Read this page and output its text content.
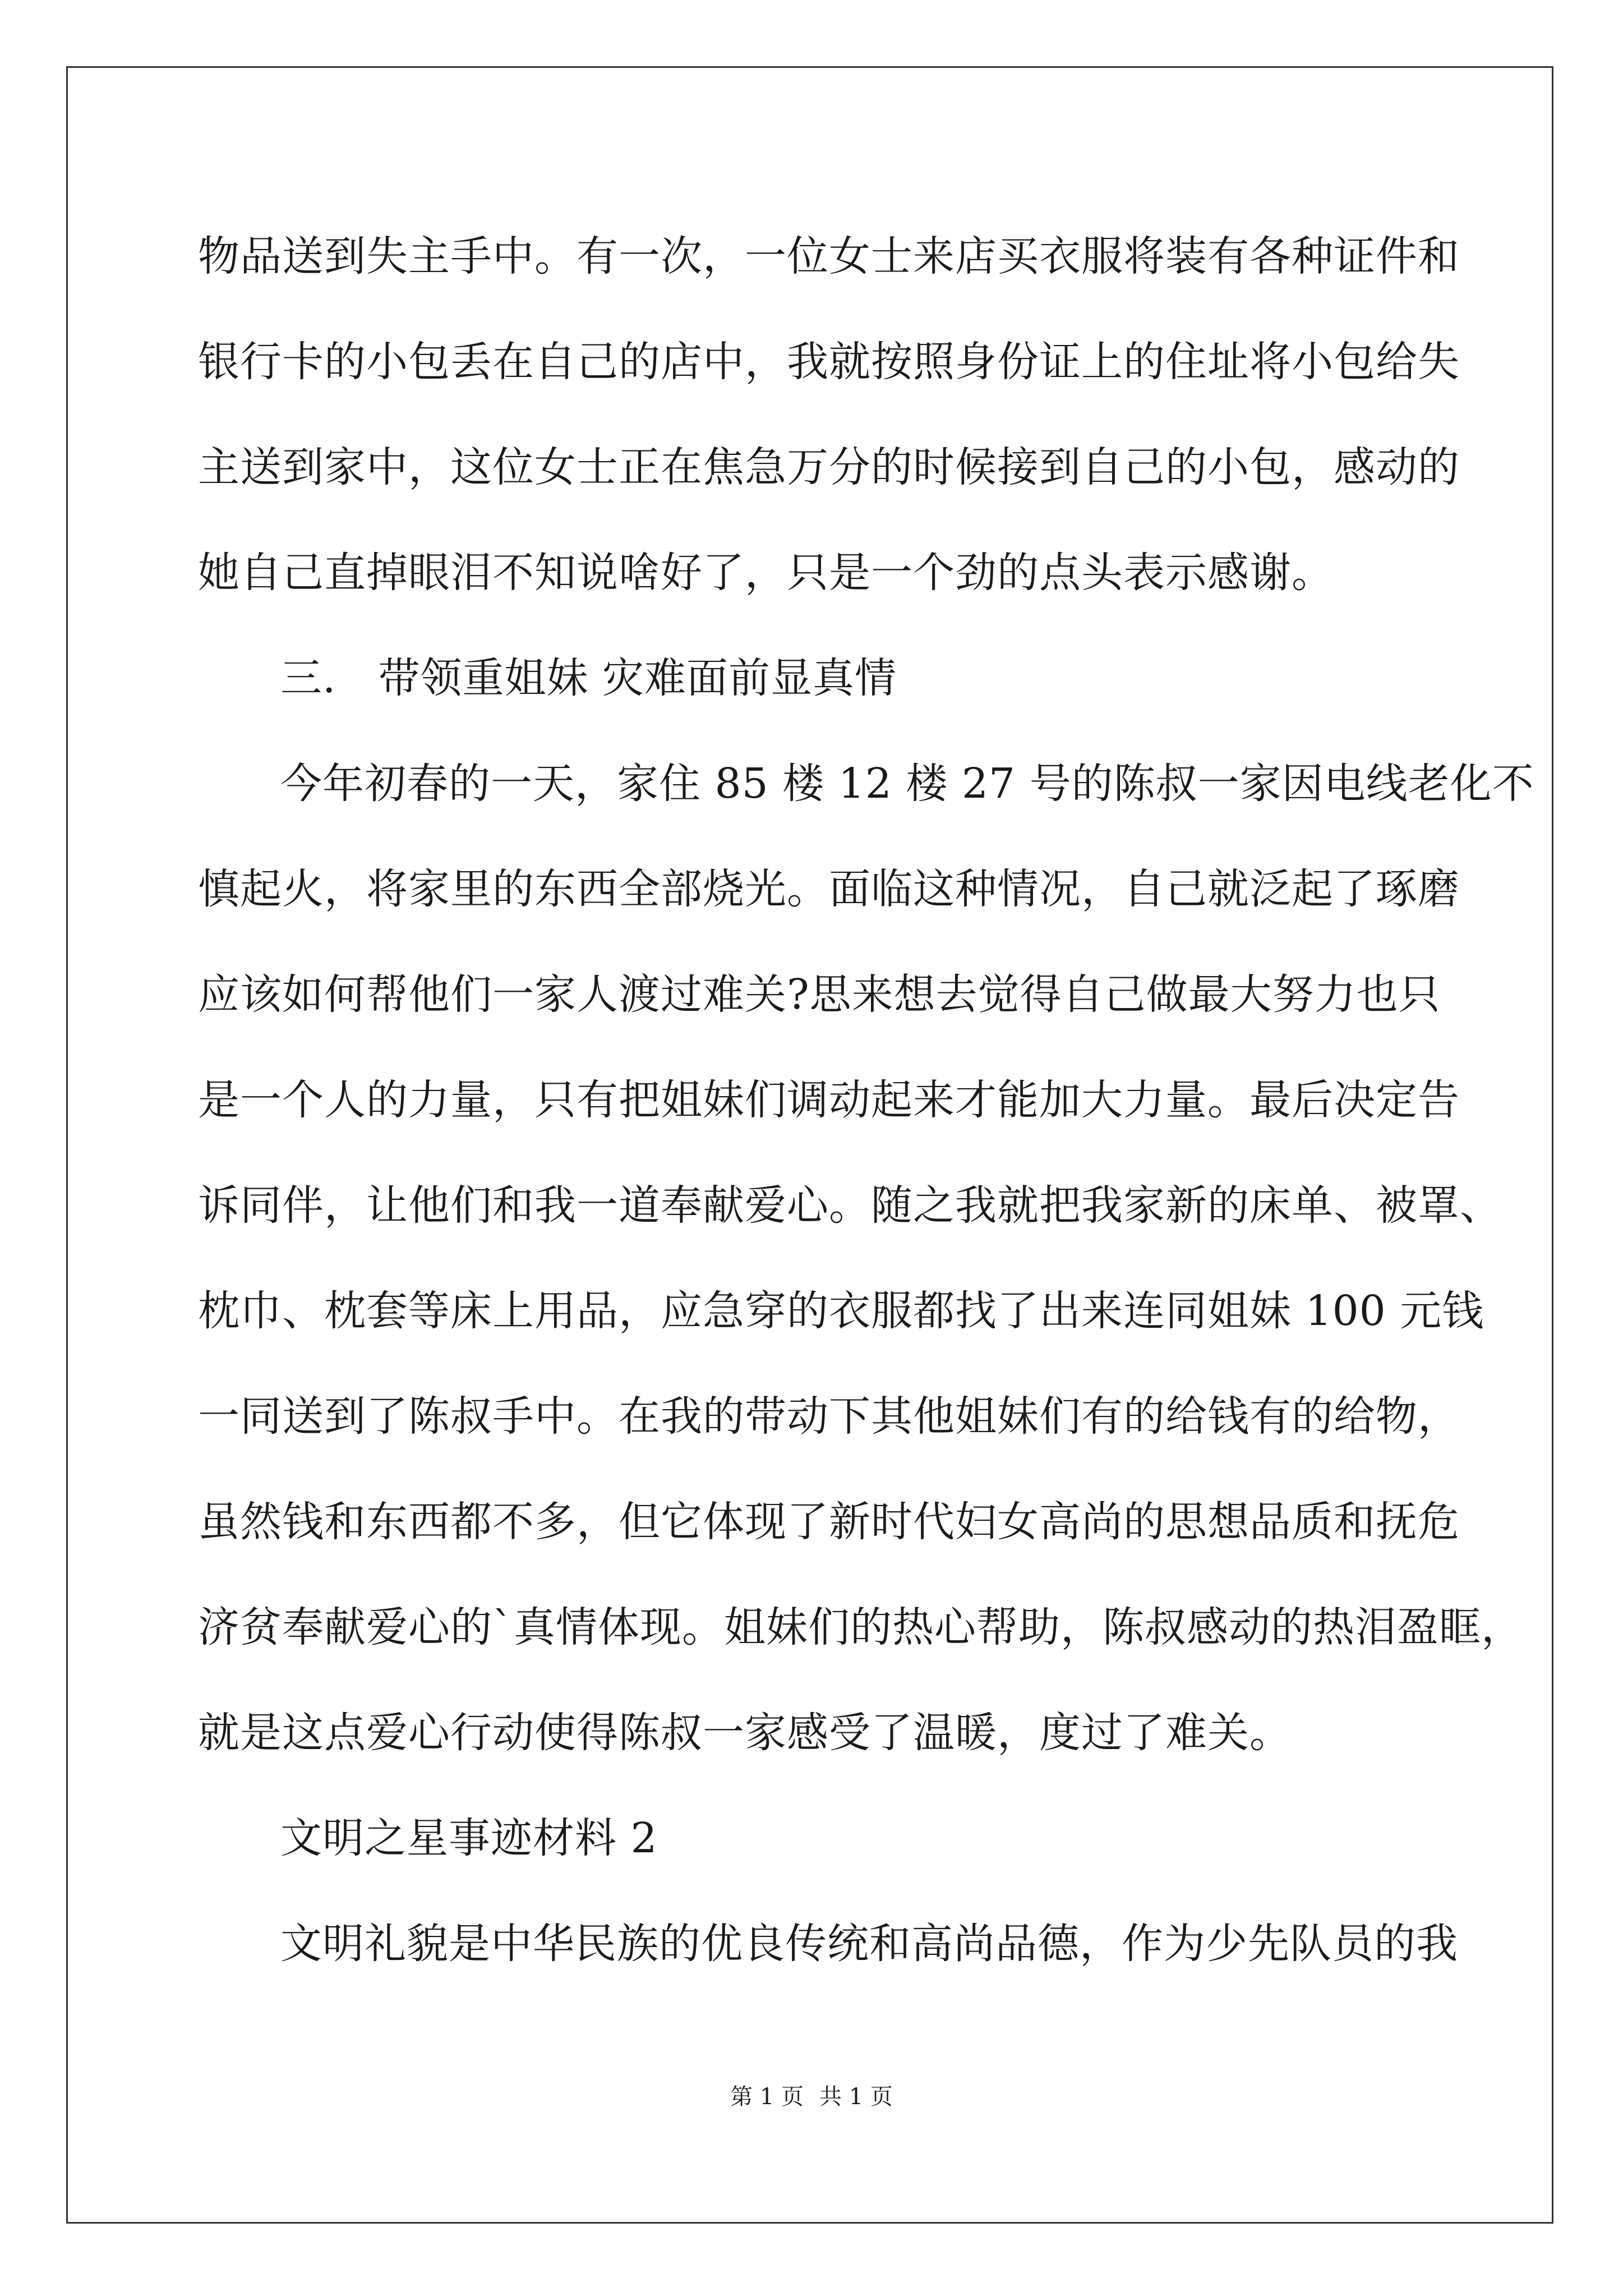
物品送到失主手中。有一次，一位女士来店买衣服将装有各种证件和
银行卡的小包丢在自己的店中，我就按照身份证上的住址将小包给失
主送到家中，这位女士正在焦急万分的时候接到自己的小包，感动的
她自己直掉眼泪不知说啥好了，只是一个劲的点头表示感谢。
三.　带领重姐妹 灾难面前显真情
今年初春的一天，家住 85 楼 12 楼 27 号的陈叔一家因电线老化不
慎起火，将家里的东西全部烧光。面临这种情况，自己就泛起了琢磨
应该如何帮他们一家人渡过难关?思来想去觉得自己做最大努力也只
是一个人的力量，只有把姐妹们调动起来才能加大力量。最后决定告
诉同伴，让他们和我一道奉献爱心。随之我就把我家新的床单、被罩、
枕巾、枕套等床上用品，应急穿的衣服都找了出来连同姐妹 100 元钱
一同送到了陈叔手中。在我的带动下其他姐妹们有的给钱有的给物，
虽然钱和东西都不多，但它体现了新时代妇女高尚的思想品质和抚危
济贫奉献爱心的`真情体现。姐妹们的热心帮助，陈叔感动的热泪盈眶，
就是这点爱心行动使得陈叔一家感受了温暖，度过了难关。
文明之星事迹材料 2
文明礼貌是中华民族的优良传统和高尚品德，作为少先队员的我
第 1 页 共 1 页
